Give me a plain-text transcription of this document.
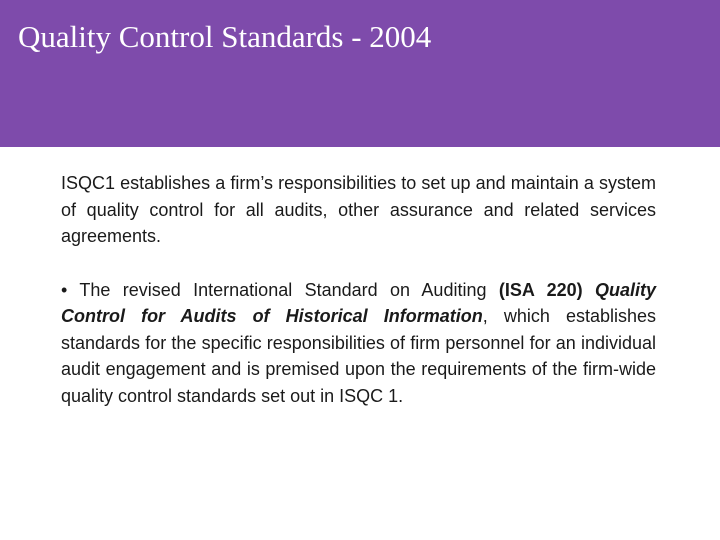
Quality Control Standards - 2004

ISQC1 establishes a firm’s responsibilities to set up and maintain a system of quality control for all audits, other assurance and related services agreements.

• The revised International Standard on Auditing (ISA 220) Quality Control for Audits of Historical Information, which establishes standards for the specific responsibilities of firm personnel for an individual audit engagement and is premised upon the requirements of the firm-wide quality control standards set out in ISQC 1.
